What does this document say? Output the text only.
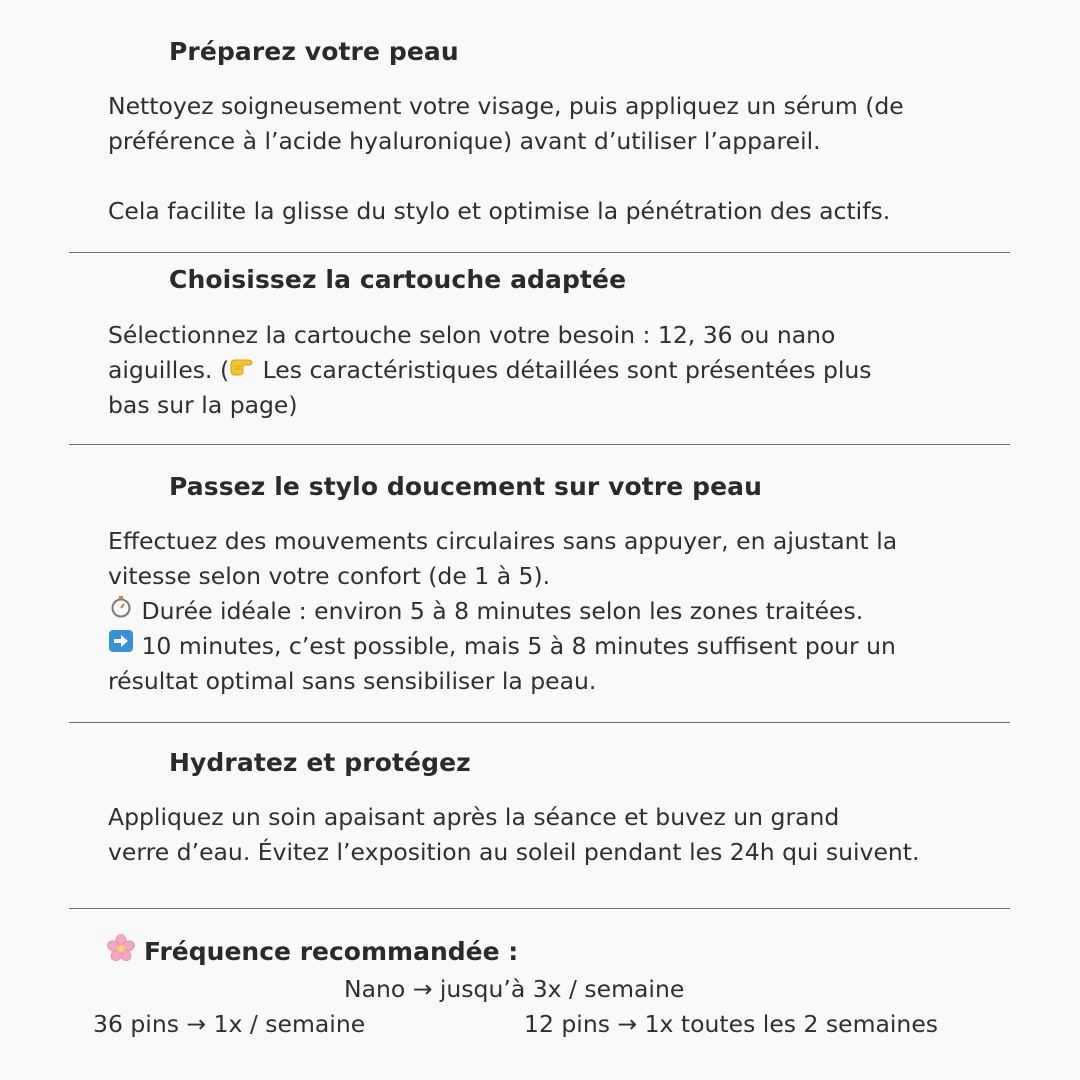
Préparez votre peau

Nettoyez soigneusement votre visage, puis appliquez un sérum (de
préférence à l’acide hyaluronique) avant d’utiliser l’appareil.
Cela facilite la glisse du stylo et optimise la pénétration des actifs.

Choisissez la cartouche adaptée

Sélectionnez la cartouche selon votre besoin : 12, 36 ou nano
aiguilles. ( Les caractéristiques détaillées sont présentées plus
bas sur la page)

Passez le stylo doucement sur votre peau

Effectuez des mouvements circulaires sans appuyer, en ajustant la
vitesse selon votre confort (de 1 à 5).
Durée idéale : environ 5 à 8 minutes selon les zones traitées.
10 minutes, c’est possible, mais 5 à 8 minutes suffisent pour un
résultat optimal sans sensibiliser la peau.

Hydratez et protégez

Appliquez un soin apaisant après la séance et buvez un grand
verre d’eau. Évitez l’exposition au soleil pendant les 24h qui suivent.

Fréquence recommandée :

Nano → jusqu’à 3x / semaine

36 pins → 1x / semaine	12 pins → 1x toutes les 2 semaines
